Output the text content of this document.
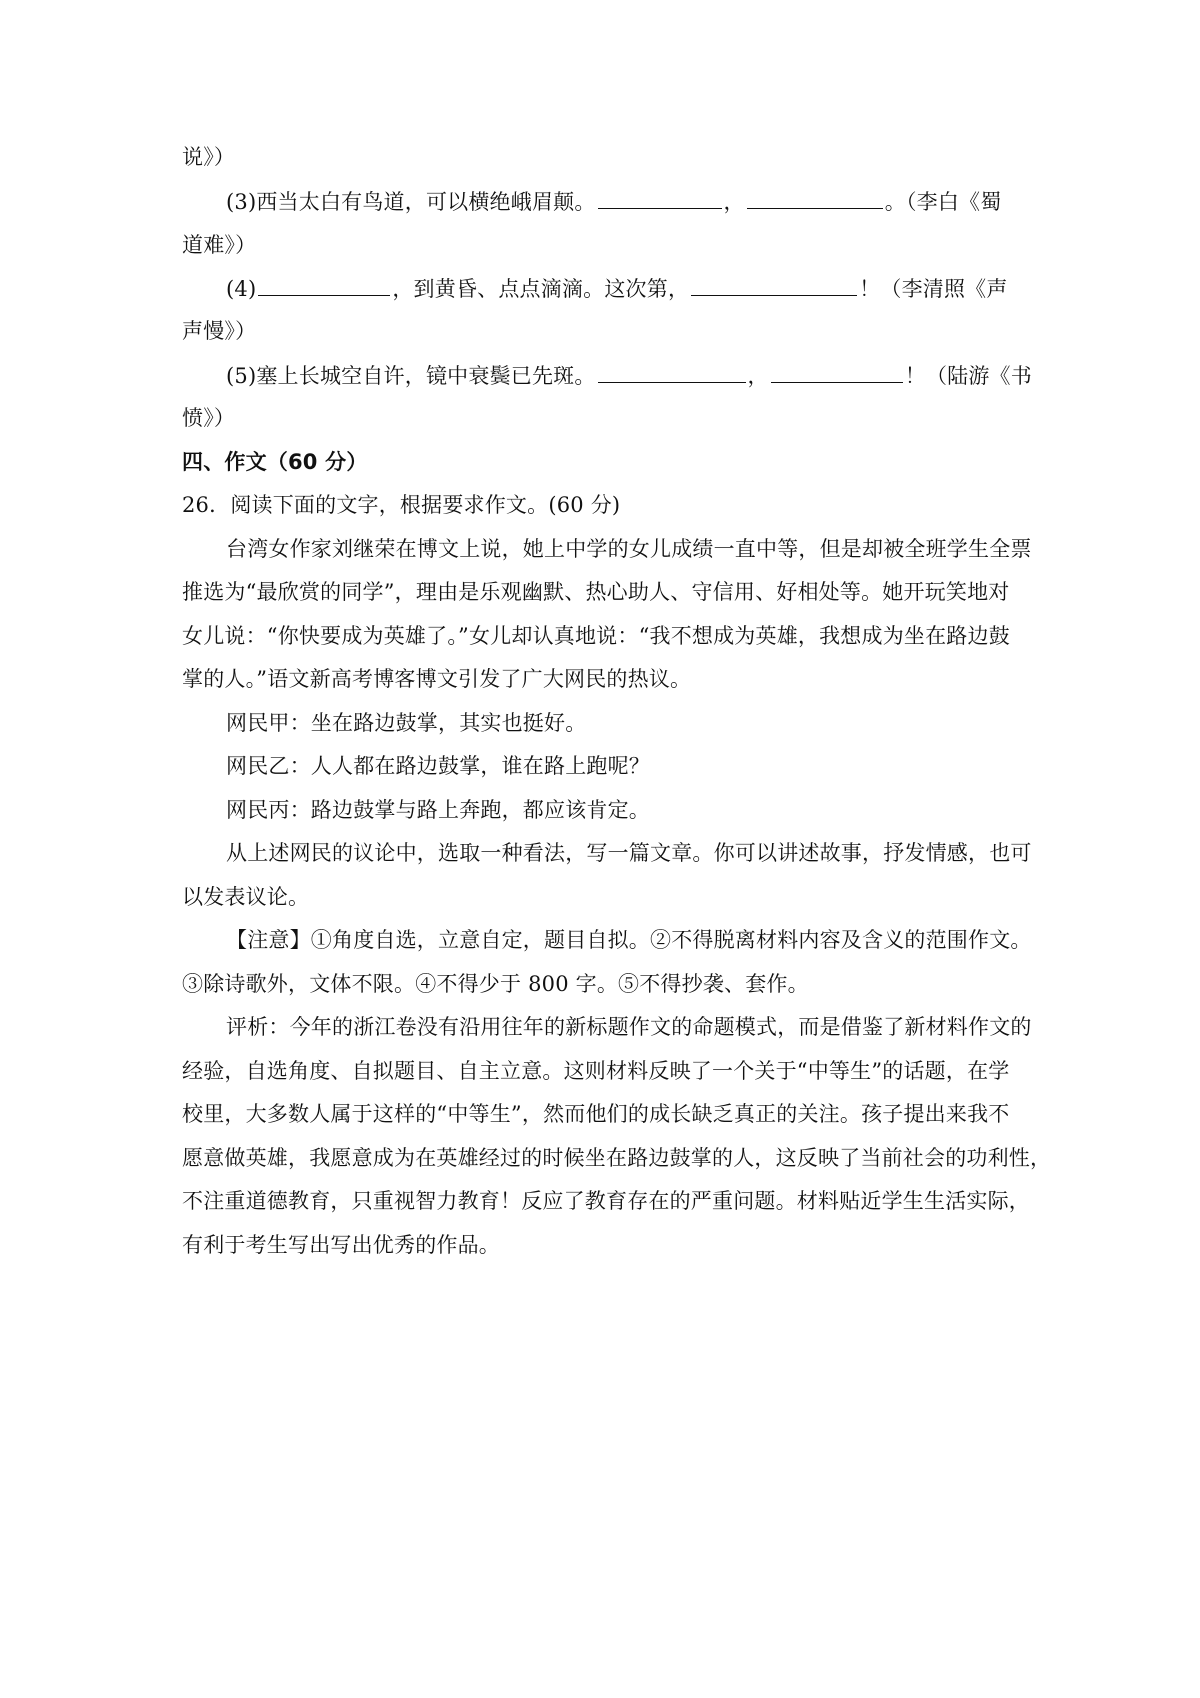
说》）
(3)西当太白有鸟道，可以横绝峨眉颠。	，	。（李白《蜀
道难》）
(4)	，到黄昏、点点滴滴。这次第，	！（李清照《声
声慢》）
(5)塞上长城空自许，镜中衰鬓已先斑。	，	！（陆游《书
愤》）
四、作文（60 分）
26．阅读下面的文字，根据要求作文。(60 分)
台湾女作家刘继荣在博文上说，她上中学的女儿成绩一直中等，但是却被全班学生全票
推选为“最欣赏的同学”，理由是乐观幽默、热心助人、守信用、好相处等。她开玩笑地对
女儿说：“你快要成为英雄了。”女儿却认真地说：“我不想成为英雄，我想成为坐在路边鼓
掌的人。”语文新高考博客博文引发了广大网民的热议。
网民甲：坐在路边鼓掌，其实也挺好。
网民乙：人人都在路边鼓掌，谁在路上跑呢？
网民丙：路边鼓掌与路上奔跑，都应该肯定。
从上述网民的议论中，选取一种看法，写一篇文章。你可以讲述故事，抒发情感，也可
以发表议论。
【注意】①角度自选，立意自定，题目自拟。②不得脱离材料内容及含义的范围作文。
③除诗歌外，文体不限。④不得少于 800 字。⑤不得抄袭、套作。
评析：今年的浙江卷没有沿用往年的新标题作文的命题模式，而是借鉴了新材料作文的
经验，自选角度、自拟题目、自主立意。这则材料反映了一个关于“中等生”的话题，在学
校里，大多数人属于这样的“中等生”，然而他们的成长缺乏真正的关注。孩子提出来我不
愿意做英雄，我愿意成为在英雄经过的时候坐在路边鼓掌的人，这反映了当前社会的功利性，
不注重道德教育，只重视智力教育！反应了教育存在的严重问题。材料贴近学生生活实际，
有利于考生写出写出优秀的作品。
